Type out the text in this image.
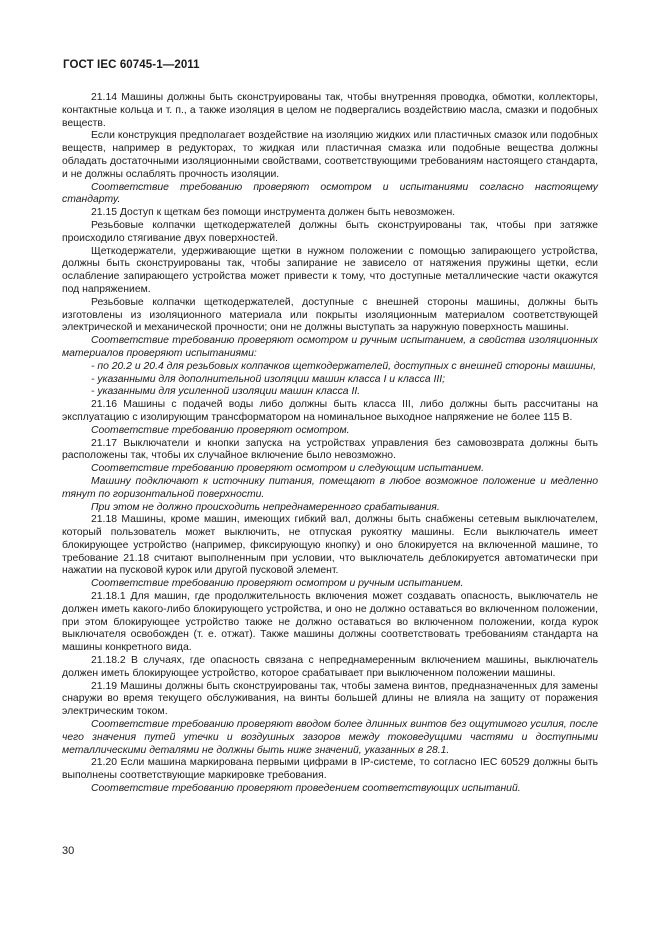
ГОСТ IEC 60745-1—2011

21.14 Машины должны быть сконструированы так, чтобы внутренняя проводка, обмотки, коллекторы, контактные кольца и т. п., а также изоляция в целом не подвергались воздействию масла, смазки и подобных веществ.

Если конструкция предполагает воздействие на изоляцию жидких или пластичных смазок или подобных веществ, например в редукторах, то жидкая или пластичная смазка или подобные вещества должны обладать достаточными изоляционными свойствами, соответствующими требованиям настоящего стандарта, и не должны ослаблять прочность изоляции.

Соответствие требованию проверяют осмотром и испытаниями согласно настоящему стандарту.

21.15 Доступ к щеткам без помощи инструмента должен быть невозможен.

Резьбовые колпачки щеткодержателей должны быть сконструированы так, чтобы при затяжке происходило стягивание двух поверхностей.

Щеткодержатели, удерживающие щетки в нужном положении с помощью запирающего устройства, должны быть сконструированы так, чтобы запирание не зависело от натяжения пружины щетки, если ослабление запирающего устройства может привести к тому, что доступные металлические части окажутся под напряжением.

Резьбовые колпачки щеткодержателей, доступные с внешней стороны машины, должны быть изготовлены из изоляционного материала или покрыты изоляционным материалом соответствующей электрической и механической прочности; они не должны выступать за наружную поверхность машины.

Соответствие требованию проверяют осмотром и ручным испытанием, а свойства изоляционных материалов проверяют испытаниями:

- по 20.2 и 20.4 для резьбовых колпачков щеткодержателей, доступных с внешней стороны машины,

- указанными для дополнительной изоляции машин класса I и класса III;

- указанными для усиленной изоляции машин класса II.

21.16 Машины с подачей воды либо должны быть класса III, либо должны быть рассчитаны на эксплуатацию с изолирующим трансформатором на номинальное выходное напряжение не более 115 В.

Соответствие требованию проверяют осмотром.

21.17 Выключатели и кнопки запуска на устройствах управления без самовозврата должны быть расположены так, чтобы их случайное включение было невозможно.

Соответствие требованию проверяют осмотром и следующим испытанием.

Машину подключают к источнику питания, помещают в любое возможное положение и медленно тянут по горизонтальной поверхности.

При этом не должно происходить непреднамеренного срабатывания.

21.18 Машины, кроме машин, имеющих гибкий вал, должны быть снабжены сетевым выключателем, который пользователь может выключить, не отпуская рукоятку машины. Если выключатель имеет блокирующее устройство (например, фиксирующую кнопку) и оно блокируется на включенной машине, то требование 21.18 считают выполненным при условии, что выключатель деблокируется автоматически при нажатии на пусковой курок или другой пусковой элемент.

Соответствие требованию проверяют осмотром и ручным испытанием.

21.18.1 Для машин, где продолжительность включения может создавать опасность, выключатель не должен иметь какого-либо блокирующего устройства, и оно не должно оставаться во включенном положении, при этом блокирующее устройство также не должно оставаться во включенном положении, когда курок выключателя освобожден (т. е. отжат). Также машины должны соответствовать требованиям стандарта на машины конкретного вида.

21.18.2 В случаях, где опасность связана с непреднамеренным включением машины, выключатель должен иметь блокирующее устройство, которое срабатывает при выключенном положении машины.

21.19 Машины должны быть сконструированы так, чтобы замена винтов, предназначенных для замены снаружи во время текущего обслуживания, на винты большей длины не влияла на защиту от поражения электрическим током.

Соответствие требованию проверяют вводом более длинных винтов без ощутимого усилия, после чего значения путей утечки и воздушных зазоров между токоведущими частями и доступными металлическими деталями не должны быть ниже значений, указанных в 28.1.

21.20 Если машина маркирована первыми цифрами в IP-системе, то согласно IEC 60529 должны быть выполнены соответствующие маркировке требования.

Соответствие требованию проверяют проведением соответствующих испытаний.

30
